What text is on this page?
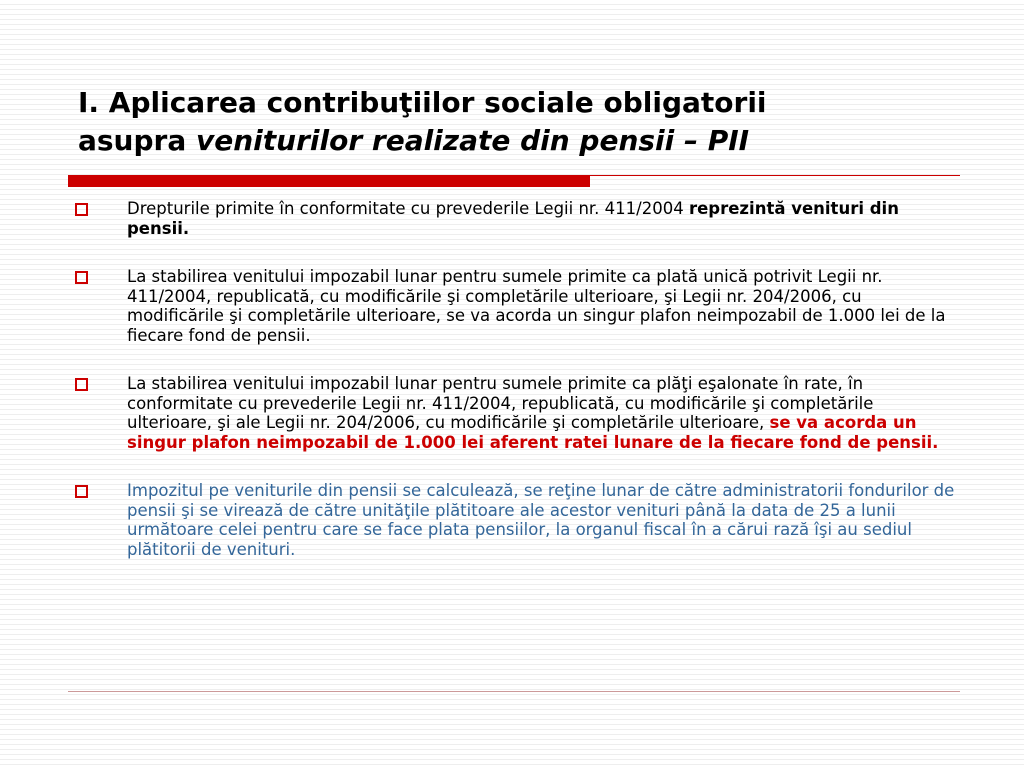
I. Aplicarea contribuţiilor sociale obligatorii
asupra veniturilor realizate din pensii – PII
Drepturile primite în conformitate cu prevederile Legii nr. 411/2004 reprezintă venituri din pensii.
La stabilirea venitului impozabil lunar pentru sumele primite ca plată unică potrivit Legii nr. 411/2004, republicată, cu modificările şi completările ulterioare, şi Legii nr. 204/2006, cu modificările şi completările ulterioare, se va acorda un singur plafon neimpozabil de 1.000 lei de la fiecare fond de pensii.
La stabilirea venitului impozabil lunar pentru sumele primite ca plăţi eşalonate în rate, în conformitate cu prevederile Legii nr. 411/2004, republicată, cu modificările şi completările ulterioare, şi ale Legii nr. 204/2006, cu modificările şi completările ulterioare, se va acorda un singur plafon neimpozabil de 1.000 lei aferent ratei lunare de la fiecare fond de pensii.
Impozitul pe veniturile din pensii se calculează, se reţine lunar de către administratorii fondurilor de pensii şi se virează de către unităţile plătitoare ale acestor venituri până la data de 25 a lunii următoare celei pentru care se face plata pensiilor, la organul fiscal în a cărui rază îşi au sediul plătitorii de venituri.
